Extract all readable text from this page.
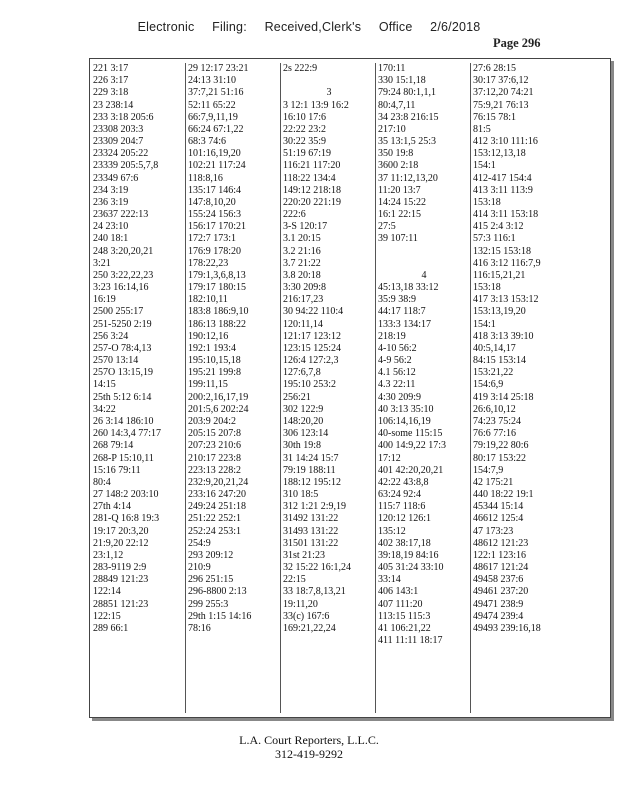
Electronic Filing: Received,Clerk's Office 2/6/2018
Page 296
221 3:17
226 3:17
229 3:18
23 238:14
233 3:18 205:6
23308 203:3
23309 204:7
23324 205:22
23339 205:5,7,8
23349 67:6
234 3:19
236 3:19
23637 222:13
24 23:10
240 18:1
248 3:20,20,21
3:21
250 3:22,22,23
3:23 16:14,16
16:19
2500 255:17
251-5250 2:19
256 3:24
257-O 78:4,13
2570 13:14
257O 13:15,19
14:15
25th 5:12 6:14
34:22
26 3:14 186:10
260 14:3,4 77:17
268 79:14
268-P 15:10,11
15:16 79:11
80:4
27 148:2 203:10
27th 4:14
281-Q 16:8 19:3
19:17 20:3,20
21:9,20 22:12
23:1,12
283-9119 2:9
28849 121:23
122:14
28851 121:23
122:15
289 66:1
29 12:17 23:21
24:13 31:10
37:7,21 51:16
52:11 65:22
66:7,9,11,19
66:24 67:1,22
68:3 74:6
101:16,19,20
102:21 117:24
118:8,16
135:17 146:4
147:8,10,20
155:24 156:3
156:17 170:21
172:7 173:1
176:9 178:20
178:22,23
179:1,3,6,8,13
179:17 180:15
182:10,11
183:8 186:9,10
186:13 188:22
190:12,16
192:1 193:4
195:10,15,18
195:21 199:8
199:11,15
200:2,16,17,19
201:5,6 202:24
203:9 204:2
205:15 207:8
207:23 210:6
210:17 223:8
223:13 228:2
232:9,20,21,24
233:16 247:20
249:24 251:18
251:22 252:1
252:24 253:1
254:9
293 209:12
210:9
296 251:15
296-8800 2:13
299 255:3
29th 1:15 14:16
78:16
2s 222:9
3
3 12:1 13:9 16:2
16:10 17:6
22:22 23:2
30:22 35:9
51:19 67:19
116:21 117:20
118:22 134:4
149:12 218:18
220:20 221:19
222:6
3-S 120:17
3.1 20:15
3.2 21:16
3.7 21:22
3.8 20:18
3:30 209:8
216:17,23
30 94:22 110:4
120:11,14
121:17 123:12
123:15 125:24
126:4 127:2,3
127:6,7,8
195:10 253:2
256:21
302 122:9
148:20,20
306 123:14
30th 19:8
31 14:24 15:7
79:19 188:11
188:12 195:12
310 18:5
312 1:21 2:9,19
31492 131:22
31493 131:22
31501 131:22
31st 21:23
32 15:22 16:1,24
22:15
33 18:7,8,13,21
19:11,20
33(c) 167:6
169:21,22,24
170:11
330 15:1,18
79:24 80:1,1,1
80:4,7,11
34 23:8 216:15
217:10
35 13:1,5 25:3
350 19:8
3600 2:18
37 11:12,13,20
11:20 13:7
14:24 15:22
16:1 22:15
27:5
39 107:11
4
45:13,18 33:12
35:9 38:9
44:17 118:7
133:3 134:17
218:19
4-10 56:2
4-9 56:2
4.1 56:12
4.3 22:11
4:30 209:9
40 3:13 35:10
106:14,16,19
40-some 115:15
400 14:9,22 17:3
17:12
401 42:20,20,21
42:22 43:8,8
63:24 92:4
115:7 118:6
120:12 126:1
135:12
402 38:17,18
39:18,19 84:16
405 31:24 33:10
33:14
406 143:1
407 111:20
113:15 115:3
41 106:21,22
411 11:11 18:17
27:6 28:15
30:17 37:6,12
37:12,20 74:21
75:9,21 76:13
76:15 78:1
81:5
412 3:10 111:16
153:12,13,18
154:1
412-417 154:4
413 3:11 113:9
153:18
414 3:11 153:18
415 2:4 3:12
57:3 116:1
132:15 153:18
416 3:12 116:7,9
116:15,21,21
153:18
417 3:13 153:12
153:13,19,20
154:1
418 3:13 39:10
40:5,14,17
84:15 153:14
153:21,22
154:6,9
419 3:14 25:18
26:6,10,12
74:23 75:24
76:6 77:16
79:19,22 80:6
80:17 153:22
154:7,9
42 175:21
440 18:22 19:1
45344 15:14
46612 125:4
47 173:23
48612 121:23
122:1 123:16
48617 121:24
49458 237:6
49461 237:20
49471 238:9
49474 239:4
49493 239:16,18
L.A. Court Reporters, L.L.C.
312-419-9292
